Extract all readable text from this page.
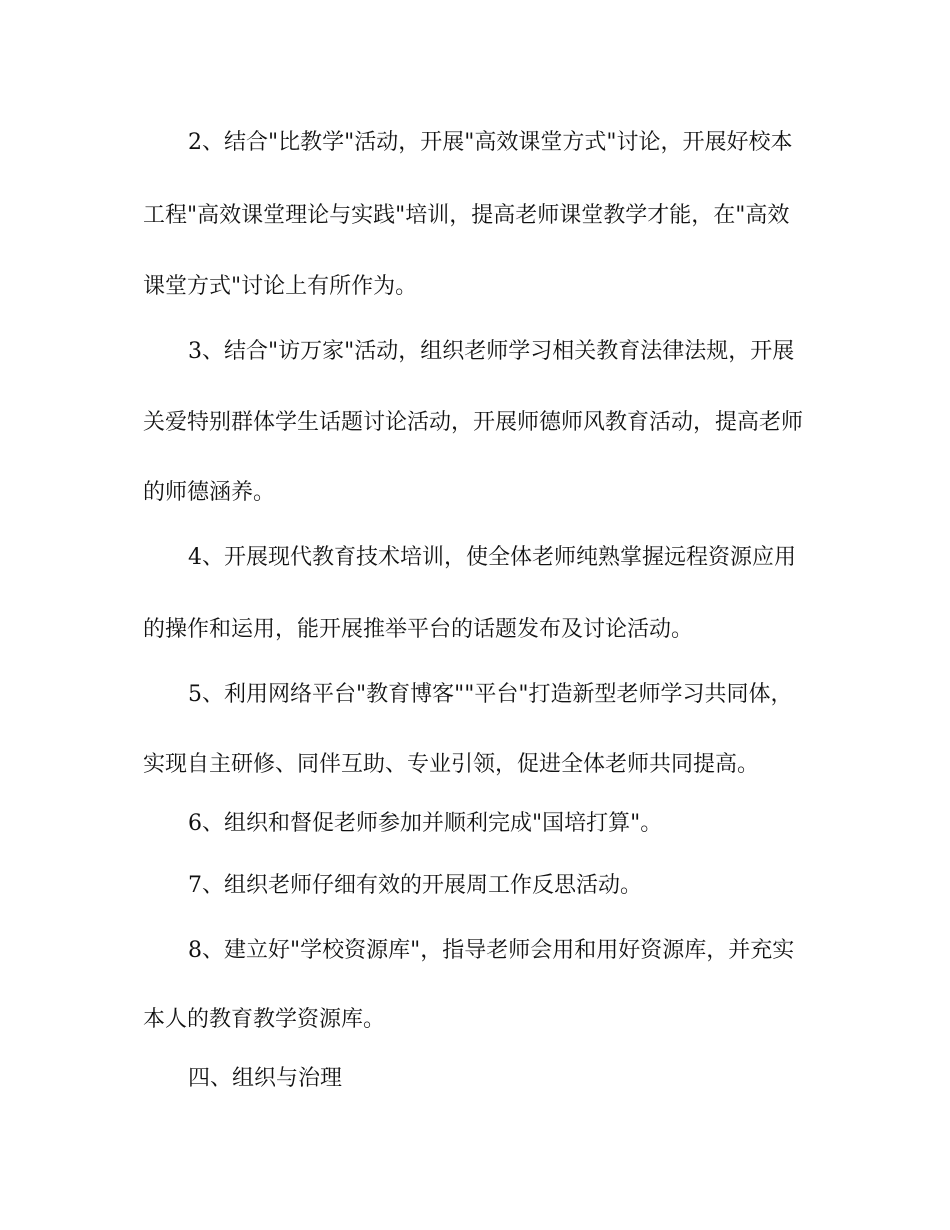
2、结合"比教学"活动，开展"高效课堂方式"讨论，开展好校本
工程"高效课堂理论与实践"培训，提高老师课堂教学才能，在"高效
课堂方式"讨论上有所作为。
3、结合"访万家"活动，组织老师学习相关教育法律法规，开展
关爱特别群体学生话题讨论活动，开展师德师风教育活动，提高老师
的师德涵养。
4、开展现代教育技术培训，使全体老师纯熟掌握远程资源应用
的操作和运用，能开展推举平台的话题发布及讨论活动。
5、利用网络平台"教育博客""平台"打造新型老师学习共同体，
实现自主研修、同伴互助、专业引领，促进全体老师共同提高。
6、组织和督促老师参加并顺利完成"国培打算"。
7、组织老师仔细有效的开展周工作反思活动。
8、建立好"学校资源库"，指导老师会用和用好资源库，并充实
本人的教育教学资源库。
四、组织与治理
